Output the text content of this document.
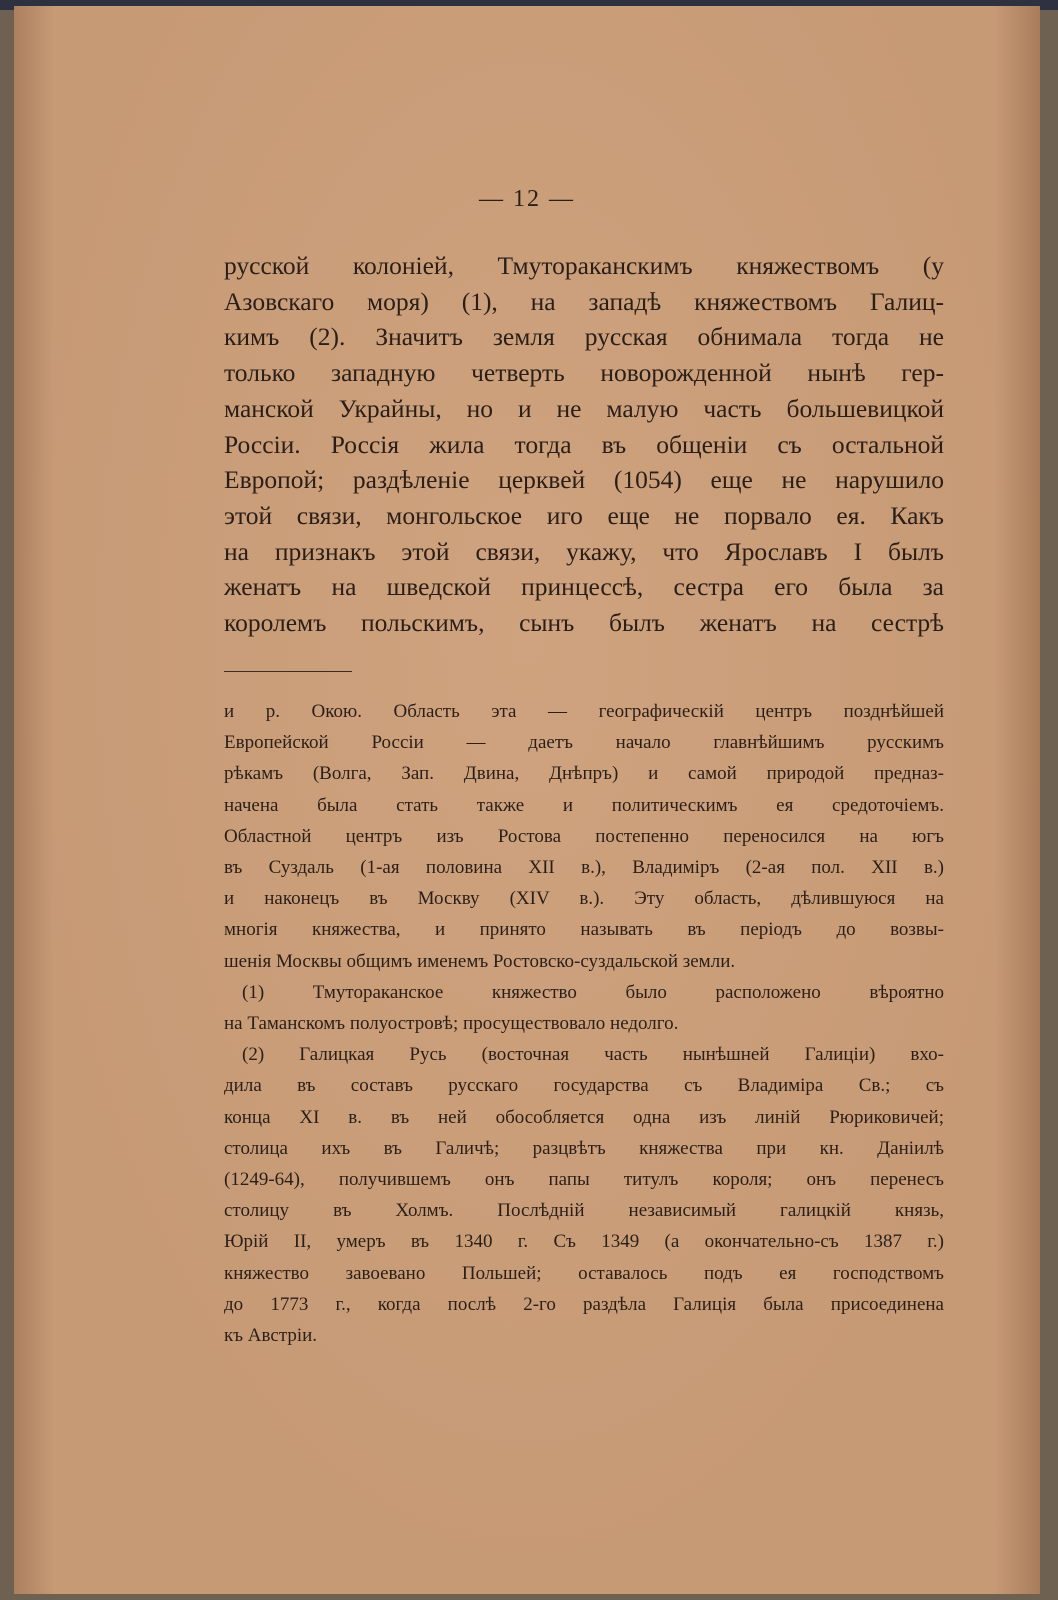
— 12 —
русской колоніей, Тмутораканскимъ княжествомъ (у
Азовскаго моря) (1), на западѣ княжествомъ Галиц-
кимъ (2). Значитъ земля русская обнимала тогда не
только западную четверть новорожденной нынѣ гер-
манской Украйны, но и не малую часть большевицкой
Россіи. Россія жила тогда въ общеніи съ остальной
Европой; раздѣленіе церквей (1054) еще не нарушило
этой связи, монгольское иго еще не порвало ея. Какъ
на признакъ этой связи, укажу, что Ярославъ I былъ
женатъ на шведской принцессѣ, сестра его была за
королемъ польскимъ, сынъ былъ женатъ на сестрѣ
и р. Окою. Область эта — географическій центръ позднѣйшей
Европейской Россіи — даетъ начало главнѣйшимъ русскимъ
рѣкамъ (Волга, Зап. Двина, Днѣпръ) и самой природой предназ-
начена была стать также и политическимъ ея средоточіемъ.
Областной центръ изъ Ростова постепенно переносился на югъ
въ Суздаль (1-ая половина XII в.), Владиміръ (2-ая пол. XII в.)
и наконецъ въ Москву (XIV в.). Эту область, дѣлившуюся на
многія княжества, и принято называть въ періодъ до возвы-
шенія Москвы общимъ именемъ Ростовско-суздальской земли.
(1) Тмутораканское княжество было расположено вѣроятно
на Таманскомъ полуостровѣ; просуществовало недолго.
(2) Галицкая Русь (восточная часть нынѣшней Галиціи) вхо-
дила въ составъ русскаго государства съ Владиміра Св.; съ
конца XI в. въ ней обособляется одна изъ линій Рюриковичей;
столица ихъ въ Галичѣ; разцвѣтъ княжества при кн. Даніилѣ
(1249-64), получившемъ онъ папы титулъ короля; онъ перенесъ
столицу въ Холмъ. Послѣдній независимый галицкій князь,
Юрій II, умеръ въ 1340 г. Съ 1349 (а окончательно-съ 1387 г.)
княжество завоевано Польшей; оставалось подъ ея господствомъ
до 1773 г., когда послѣ 2-го раздѣла Галиція была присоединена
къ Австріи.
